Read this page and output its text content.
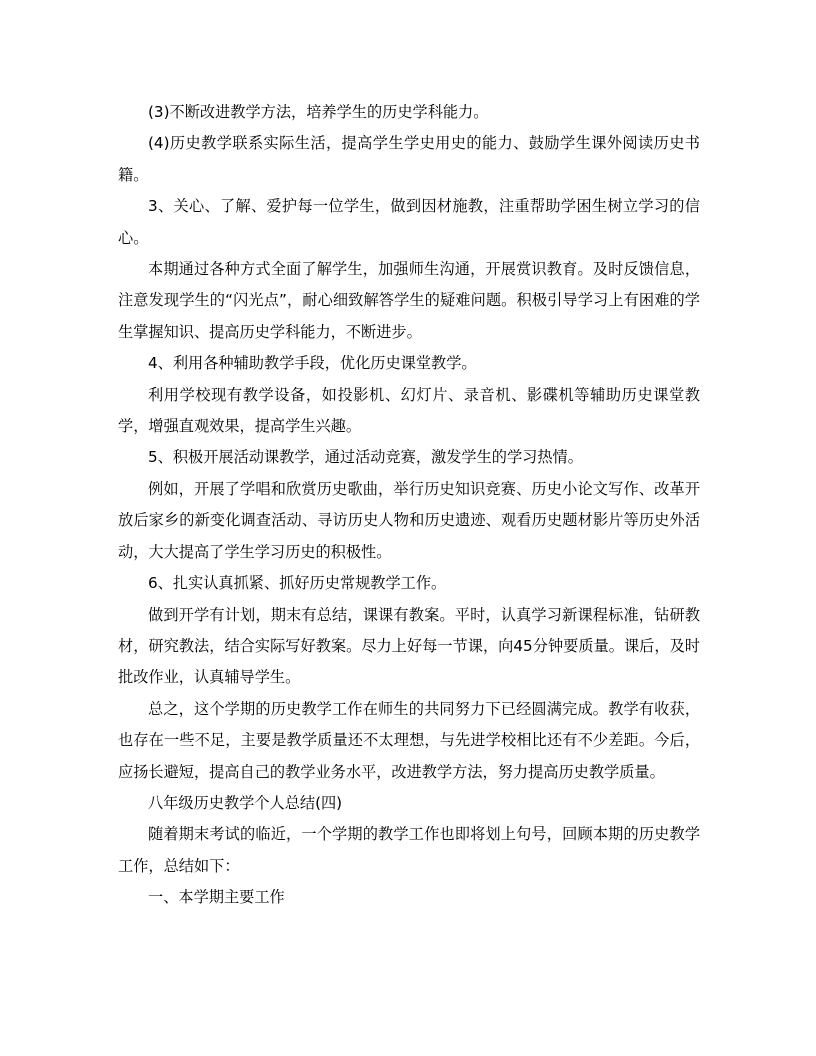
(3)不断改进教学方法，培养学生的历史学科能力。

(4)历史教学联系实际生活，提高学生学史用史的能力、鼓励学生课外阅读历史书籍。

3、关心、了解、爱护每一位学生，做到因材施教，注重帮助学困生树立学习的信心。

本期通过各种方式全面了解学生，加强师生沟通，开展赏识教育。及时反馈信息，注意发现学生的“闪光点”，耐心细致解答学生的疑难问题。积极引导学习上有困难的学生掌握知识、提高历史学科能力，不断进步。

4、利用各种辅助教学手段，优化历史课堂教学。

利用学校现有教学设备，如投影机、幻灯片、录音机、影碟机等辅助历史课堂教学，增强直观效果，提高学生兴趣。

5、积极开展活动课教学，通过活动竞赛，激发学生的学习热情。

例如，开展了学唱和欣赏历史歌曲，举行历史知识竞赛、历史小论文写作、改革开放后家乡的新变化调查活动、寻访历史人物和历史遗迹、观看历史题材影片等历史外活动，大大提高了学生学习历史的积极性。

6、扎实认真抓紧、抓好历史常规教学工作。

做到开学有计划，期末有总结，课课有教案。平时，认真学习新课程标准，钻研教材，研究教法，结合实际写好教案。尽力上好每一节课，向45分钟要质量。课后，及时批改作业，认真辅导学生。

总之，这个学期的历史教学工作在师生的共同努力下已经圆满完成。教学有收获，也存在一些不足，主要是教学质量还不太理想，与先进学校相比还有不少差距。今后，应扬长避短，提高自己的教学业务水平，改进教学方法，努力提高历史教学质量。

八年级历史教学个人总结(四)

随着期末考试的临近，一个学期的教学工作也即将划上句号，回顾本期的历史教学工作，总结如下：

一、本学期主要工作
